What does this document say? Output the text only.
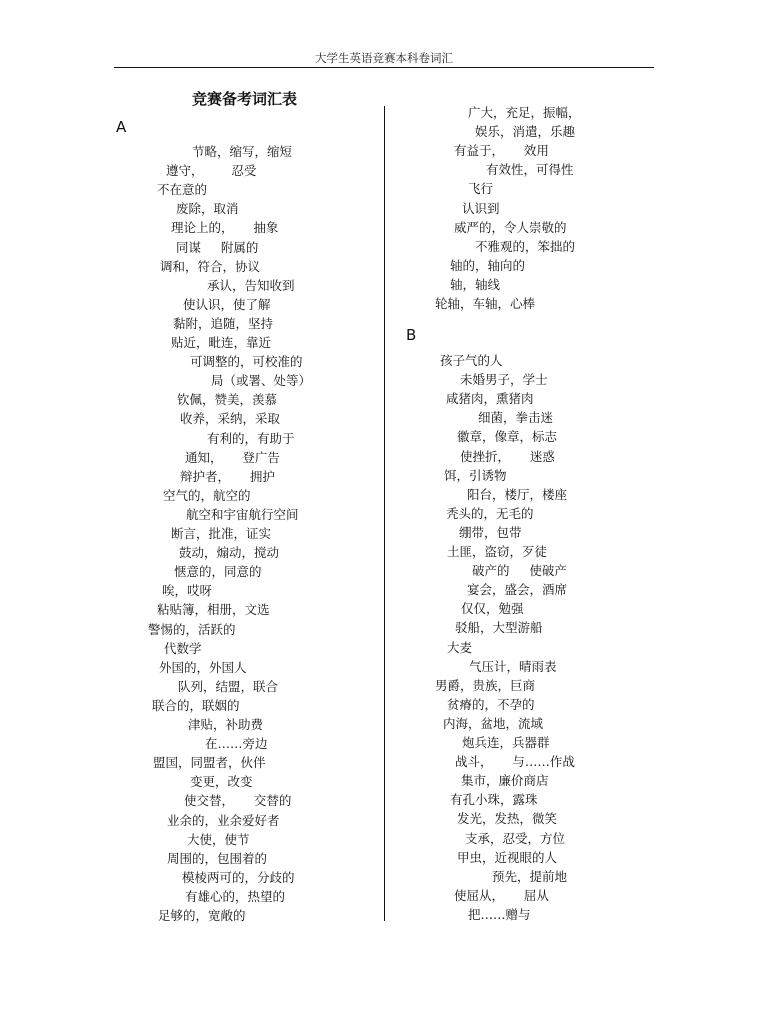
大学生英语竞赛本科卷词汇
竞赛备考词汇表
A
B
节略，缩写，缩短
遵守，       忍受
不在意的
废除，取消
理论上的，     抽象
同谋     附属的
调和，符合，协议
承认，告知收到
使认识，使了解
黏附，追随，坚持
贴近，毗连，靠近
可调整的，可校准的
局（或署、处等）
钦佩，赞美，羡慕
收养，采纳，采取
有利的，有助于
通知，     登广告
辩护者，     拥护
空气的，航空的
航空和宇宙航行空间
断言，批准，证实
鼓动，煽动，搅动
惬意的，同意的
唉，哎呀
粘贴簿，相册，文选
警惕的，活跃的
代数学
外国的，外国人
队列，结盟，联合
联合的，联姻的
津贴，补助费
在……旁边
盟国，同盟者，伙伴
变更，改变
使交替，     交替的
业余的，业余爱好者
大使，使节
周围的，包围着的
模棱两可的，分歧的
有雄心的，热望的
足够的，宽敞的
广大，充足，振幅，
娱乐，消遣，乐趣
有益于，     效用
有效性，可得性
飞行
认识到
威严的，令人崇敬的
不雅观的，笨拙的
轴的，轴向的
轴，轴线
轮轴，车轴，心棒
孩子气的人
未婚男子，学士
咸猪肉，熏猪肉
细菌，拳击迷
徽章，像章，标志
使挫折，     迷惑
饵，引诱物
阳台，楼厅，楼座
秃头的，无毛的
绷带，包带
土匪，盗窃，歹徒
破产的     使破产
宴会，盛会，酒席
仅仅，勉强
驳船，大型游船
大麦
气压计，晴雨表
男爵，贵族，巨商
贫瘠的，不孕的
内海，盆地，流域
炮兵连，兵器群
战斗，     与……作战
集市，廉价商店
有孔小珠，露珠
发光，发热，微笑
支承，忍受，方位
甲虫，近视眼的人
预先，提前地
使屈从，     屈从
把……赠与
